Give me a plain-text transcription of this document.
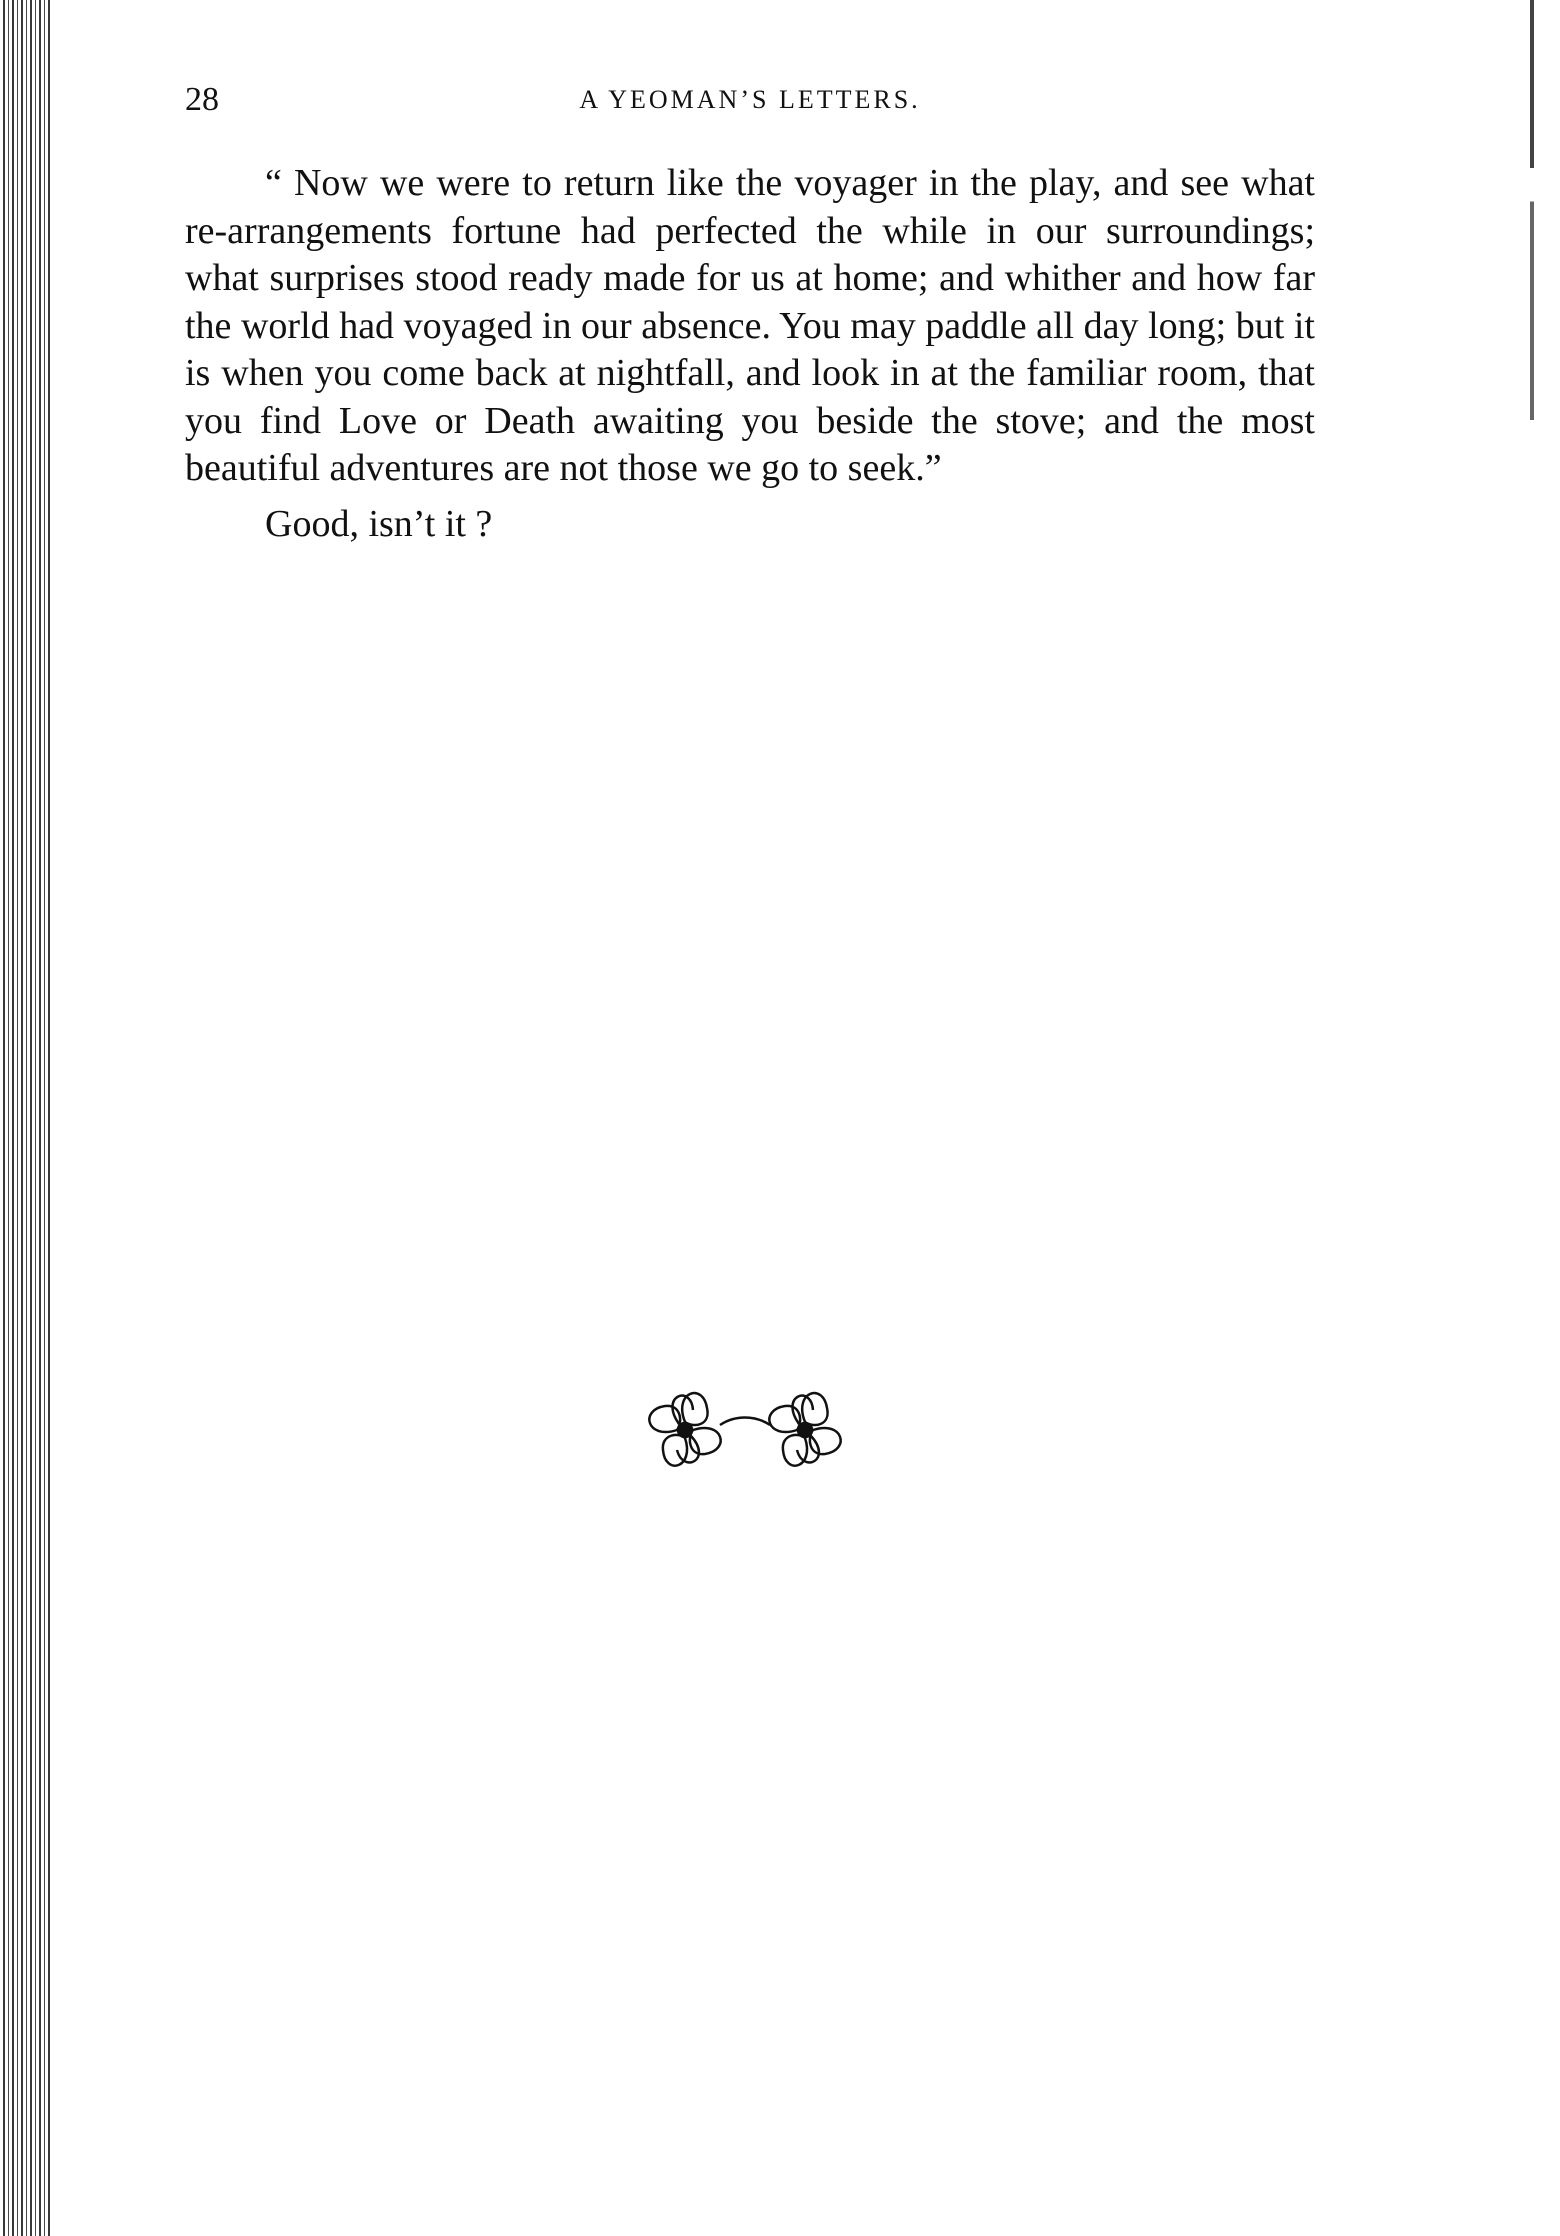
28	A YEOMAN’S LETTERS.

“ Now we were to return like the voyager in the play, and see what re-arrangements fortune had perfected the while in our surroundings; what surprises stood ready made for us at home; and whither and how far the world had voyaged in our absence. You may paddle all day long; but it is when you come back at nightfall, and look in at the familiar room, that you find Love or Death awaiting you beside the stove; and the most beautiful adventures are not those we go to seek.”

Good, isn’t it ?
